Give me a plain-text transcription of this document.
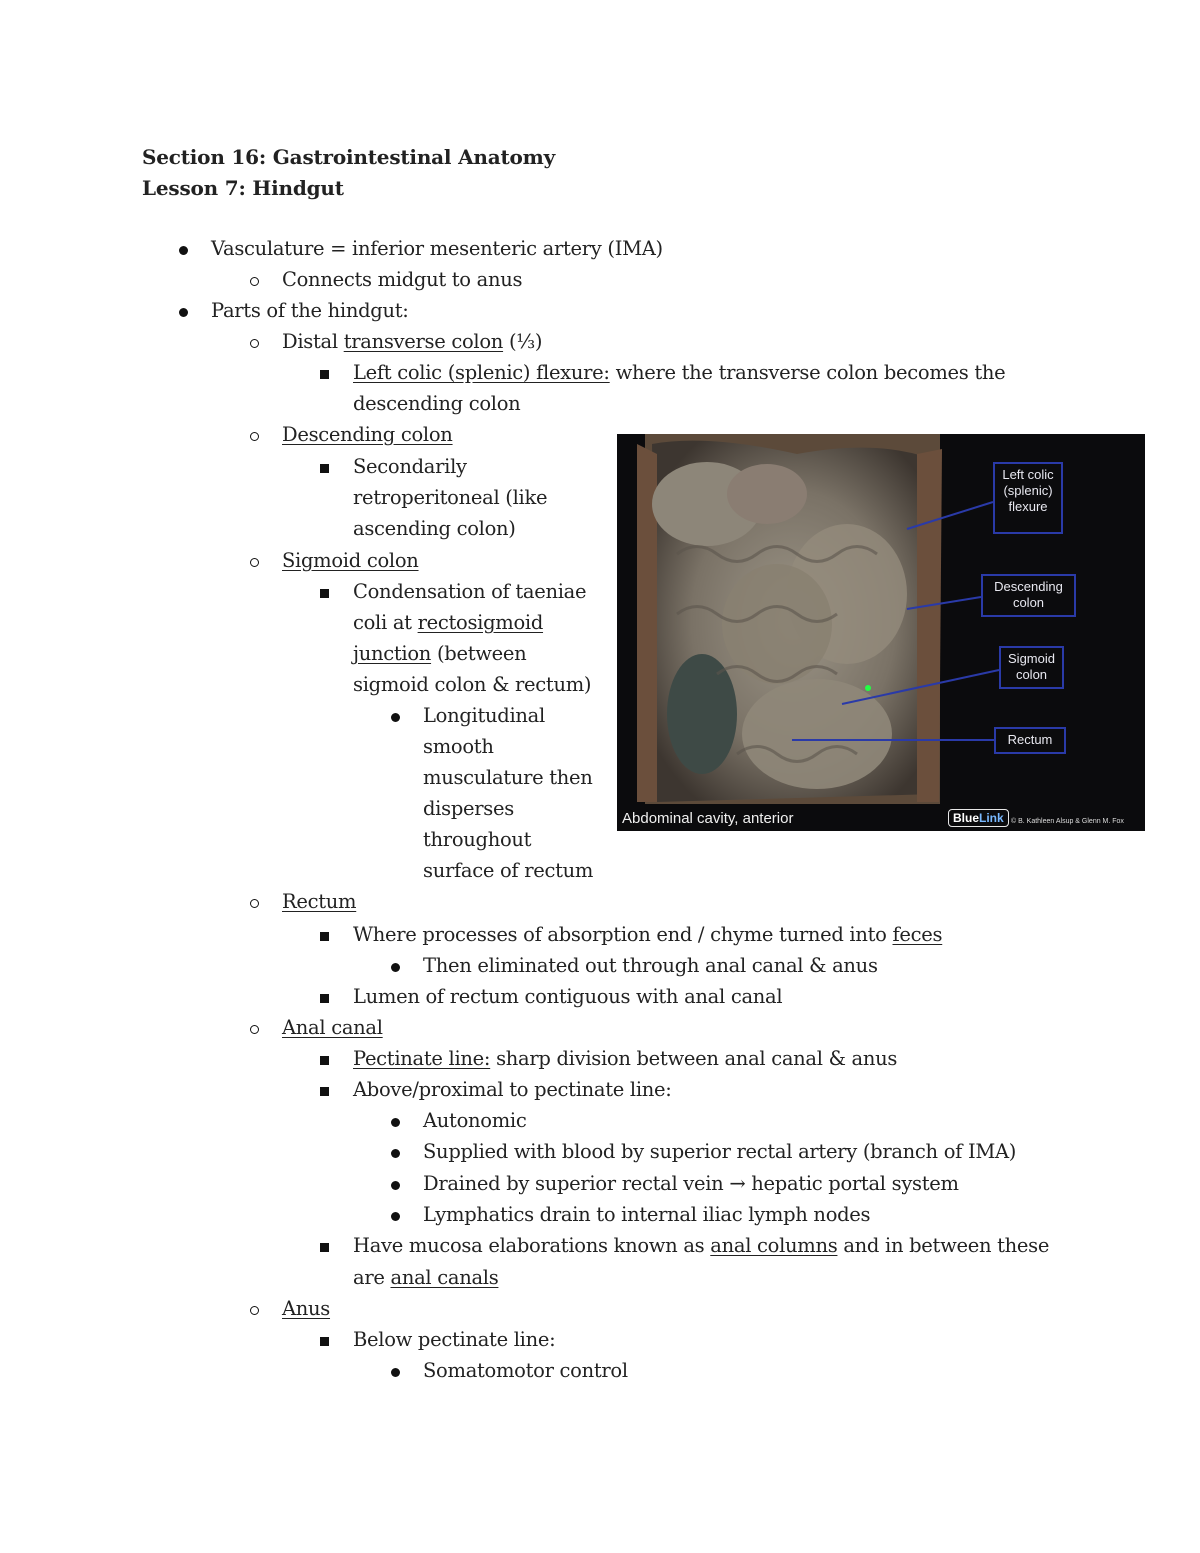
Section 16: Gastrointestinal Anatomy
Lesson 7: Hindgut
Vasculature = inferior mesenteric artery (IMA)
Connects midgut to anus
Parts of the hindgut:
Distal transverse colon (⅓)
Left colic (splenic) flexure: where the transverse colon becomes the
descending colon
Descending colon
Secondarily
retroperitoneal (like
ascending colon)
Sigmoid colon
Condensation of taeniae
coli at rectosigmoid
junction (between
sigmoid colon & rectum)
Longitudinal
smooth
musculature then
disperses
throughout
surface of rectum
Rectum
Where processes of absorption end / chyme turned into feces
Then eliminated out through anal canal & anus
Lumen of rectum contiguous with anal canal
Anal canal
Pectinate line: sharp division between anal canal & anus
Above/proximal to pectinate line:
Autonomic
Supplied with blood by superior rectal artery (branch of IMA)
Drained by superior rectal vein → hepatic portal system
Lymphatics drain to internal iliac lymph nodes
Have mucosa elaborations known as anal columns and in between these
are anal canals
Anus
Below pectinate line:
Somatomotor control
Left colic (splenic) flexure
Descending colon
Sigmoid colon
Rectum
Abdominal cavity, anterior	BlueLink	© B. Kathleen Alsup & Glenn M. Fox
